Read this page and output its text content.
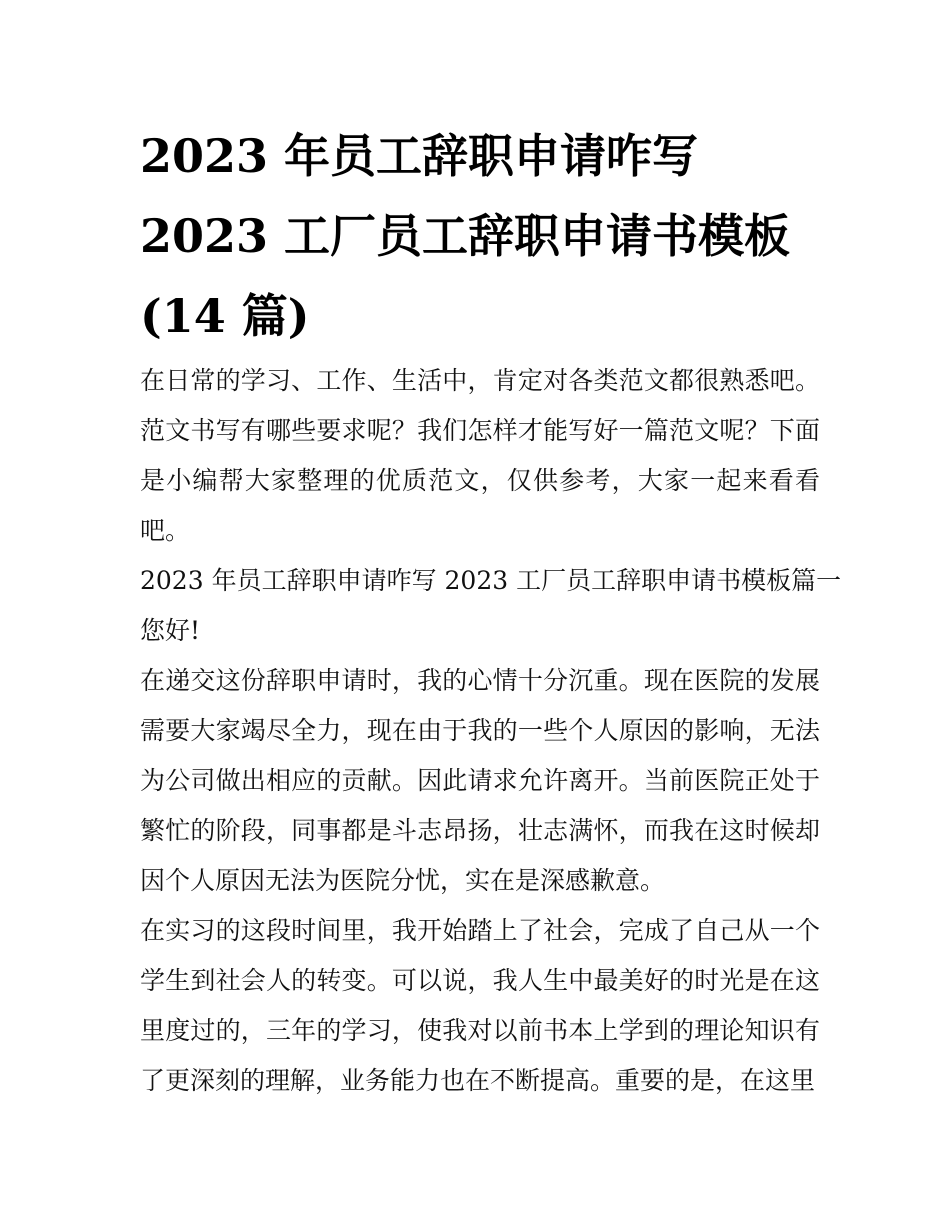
2023 年员工辞职申请咋写
2023 工厂员工辞职申请书模板
(14 篇)

在日常的学习、工作、生活中，肯定对各类范文都很熟悉吧。范文书写有哪些要求呢？我们怎样才能写好一篇范文呢？下面是小编帮大家整理的优质范文，仅供参考，大家一起来看看吧。

2023 年员工辞职申请咋写 2023 工厂员工辞职申请书模板篇一

您好!

在递交这份辞职申请时，我的心情十分沉重。现在医院的发展需要大家竭尽全力，现在由于我的一些个人原因的影响，无法为公司做出相应的贡献。因此请求允许离开。当前医院正处于繁忙的阶段，同事都是斗志昂扬，壮志满怀，而我在这时候却因个人原因无法为医院分忧，实在是深感歉意。

在实习的这段时间里，我开始踏上了社会，完成了自己从一个学生到社会人的转变。可以说，我人生中最美好的时光是在这里度过的，三年的学习，使我对以前书本上学到的理论知识有了更深刻的理解，业务能力也在不断提高。重要的是，在这里
